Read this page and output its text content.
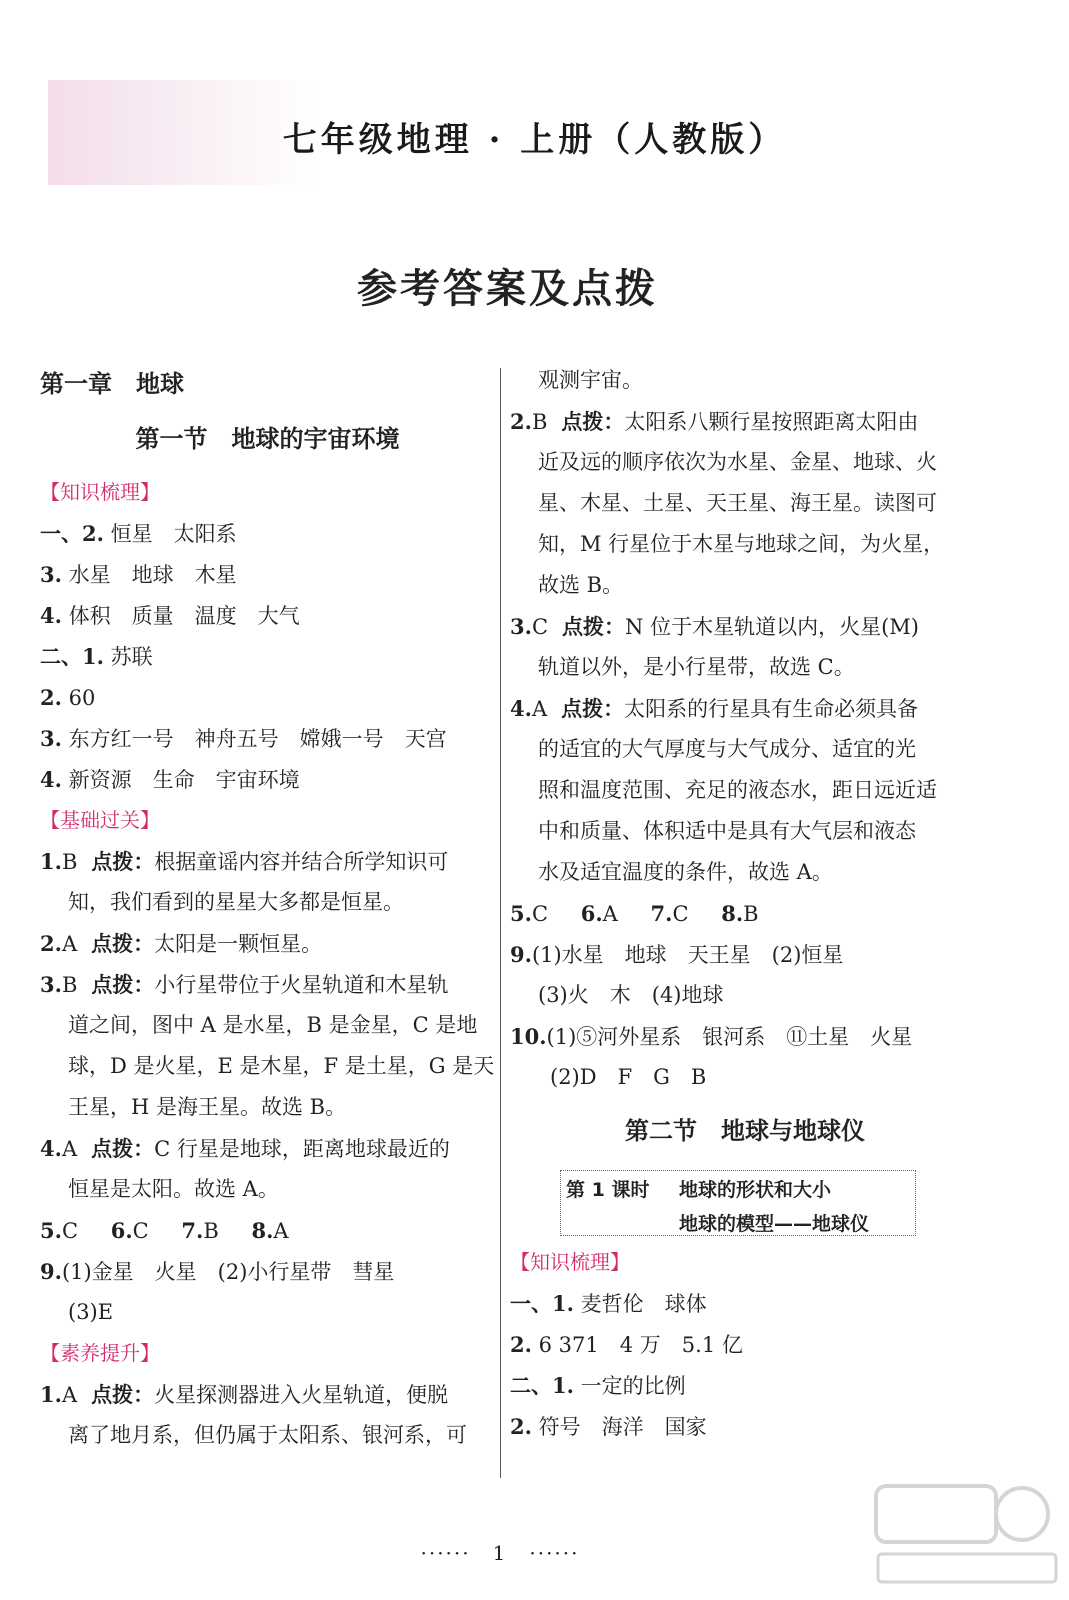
七年级地理 · 上册（人教版）
参考答案及点拨
第一章　地球
第一节　地球的宇宙环境
【知识梳理】
一、2. 恒星　太阳系
3. 水星　地球　木星
4. 体积　质量　温度　大气
二、1. 苏联
2. 60
3. 东方红一号　神舟五号　嫦娥一号　天宫
4. 新资源　生命　宇宙环境
【基础过关】
1.B 点拨：根据童谣内容并结合所学知识可
知，我们看到的星星大多都是恒星。
2.A 点拨：太阳是一颗恒星。
3.B 点拨：小行星带位于火星轨道和木星轨
道之间，图中 A 是水星，B 是金星，C 是地
球，D 是火星，E 是木星，F 是土星，G 是天
王星，H 是海王星。故选 B。
4.A 点拨：C 行星是地球，距离地球最近的
恒星是太阳。故选 A。
5.C 6.C 7.B 8.A
9.(1)金星　火星　(2)小行星带　彗星
(3)E
【素养提升】
1.A 点拨：火星探测器进入火星轨道，便脱
离了地月系，但仍属于太阳系、银河系，可
观测宇宙。
2.B 点拨：太阳系八颗行星按照距离太阳由
近及远的顺序依次为水星、金星、地球、火
星、木星、土星、天王星、海王星。读图可
知，M 行星位于木星与地球之间，为火星，
故选 B。
3.C 点拨：N 位于木星轨道以内，火星(M)
轨道以外，是小行星带，故选 C。
4.A 点拨：太阳系的行星具有生命必须具备
的适宜的大气厚度与大气成分、适宜的光
照和温度范围、充足的液态水，距日远近适
中和质量、体积适中是具有大气层和液态
水及适宜温度的条件，故选 A。
5.C 6.A 7.C 8.B
9.(1)水星　地球　天王星　(2)恒星
(3)火　木　(4)地球
10.(1)⑤河外星系　银河系　⑪土星　火星
(2)D　F　G　B
第二节　地球与地球仪
第 1 课时 地球的形状和大小
地球的模型——地球仪
【知识梳理】
一、1. 麦哲伦　球体
2. 6 371　4 万　5.1 亿
二、1. 一定的比例
2. 符号　海洋　国家
······　1　······
